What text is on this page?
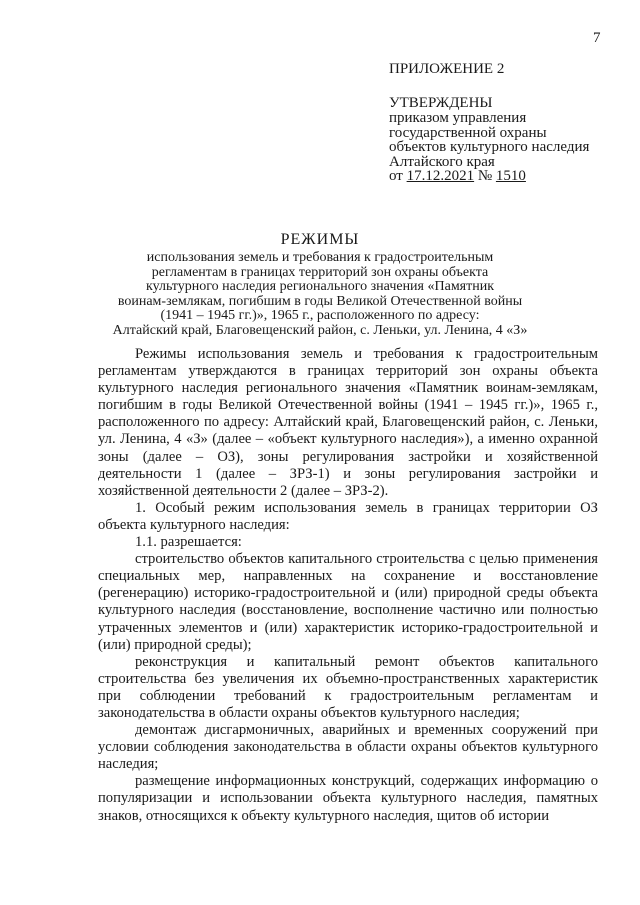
7
ПРИЛОЖЕНИЕ 2
УТВЕРЖДЕНЫ
приказом управления
государственной охраны
объектов культурного наследия
Алтайского края
от 17.12.2021 № 1510
РЕЖИМЫ
использования земель и требования к градостроительным
регламентам в границах территорий зон охраны объекта
культурного наследия регионального значения «Памятник
воинам-землякам, погибшим в годы Великой Отечественной войны
(1941 – 1945 гг.)», 1965 г., расположенного по адресу:
Алтайский край, Благовещенский район, с. Леньки, ул. Ленина, 4 «З»

Режимы использования земель и требования к градостроительным регламентам утверждаются в границах территорий зон охраны объекта культурного наследия регионального значения «Памятник воинам-землякам, погибшим в годы Великой Отечественной войны (1941 – 1945 гг.)», 1965 г., расположенного по адресу: Алтайский край, Благовещенский район, с. Леньки, ул. Ленина, 4 «З» (далее – «объект культурного наследия»), а именно охранной зоны (далее – ОЗ), зоны регулирования застройки и хозяйственной деятельности 1 (далее – ЗРЗ-1) и зоны регулирования застройки и хозяйственной деятельности 2 (далее – ЗРЗ-2).

1. Особый режим использования земель в границах территории ОЗ объекта культурного наследия:

1.1. разрешается:

строительство объектов капитального строительства с целью применения специальных мер, направленных на сохранение и восстановление (регенерацию) историко-градостроительной и (или) природной среды объекта культурного наследия (восстановление, восполнение частично или полностью утраченных элементов и (или) характеристик историко-градостроительной и (или) природной среды);

реконструкция и капитальный ремонт объектов капитального строительства без увеличения их объемно-пространственных характеристик при соблюдении требований к градостроительным регламентам и законодательства в области охраны объектов культурного наследия;

демонтаж дисгармоничных, аварийных и временных сооружений при условии соблюдения законодательства в области охраны объектов культурного наследия;

размещение информационных конструкций, содержащих информацию о популяризации и использовании объекта культурного наследия, памятных знаков, относящихся к объекту культурного наследия, щитов об истории
